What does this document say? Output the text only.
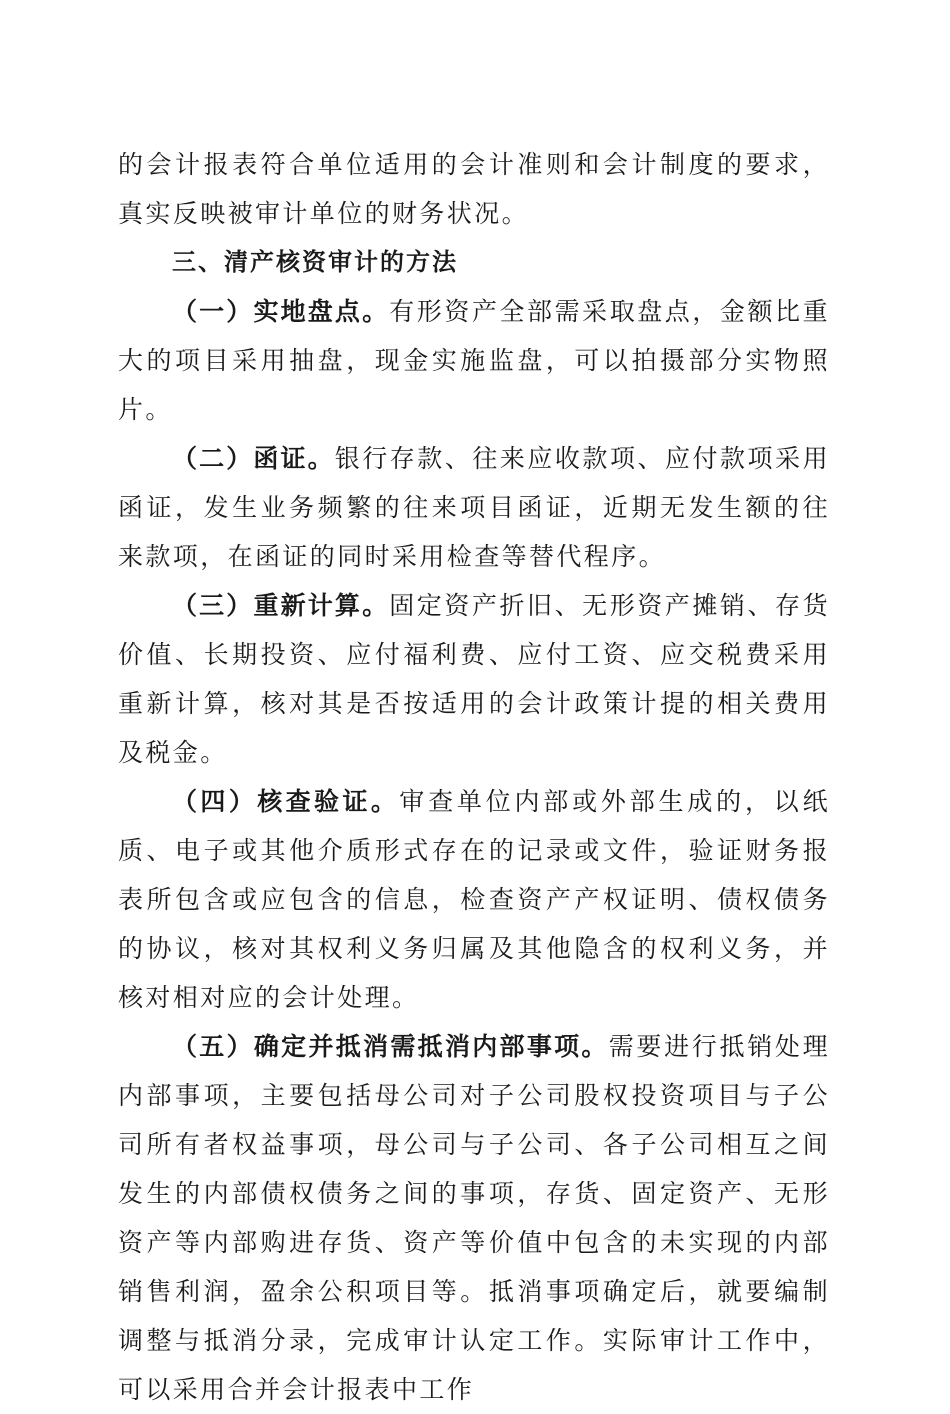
的会计报表符合单位适用的会计准则和会计制度的要求，真实反映被审计单位的财务状况。

三、清产核资审计的方法

（一）实地盘点。有形资产全部需采取盘点，金额比重大的项目采用抽盘，现金实施监盘，可以拍摄部分实物照片。

（二）函证。银行存款、往来应收款项、应付款项采用函证，发生业务频繁的往来项目函证，近期无发生额的往来款项，在函证的同时采用检查等替代程序。

（三）重新计算。固定资产折旧、无形资产摊销、存货价值、长期投资、应付福利费、应付工资、应交税费采用重新计算，核对其是否按适用的会计政策计提的相关费用及税金。

（四）核查验证。审查单位内部或外部生成的，以纸质、电子或其他介质形式存在的记录或文件，验证财务报表所包含或应包含的信息，检查资产产权证明、债权债务的协议，核对其权利义务归属及其他隐含的权利义务，并核对相对应的会计处理。

（五）确定并抵消需抵消内部事项。需要进行抵销处理内部事项，主要包括母公司对子公司股权投资项目与子公司所有者权益事项，母公司与子公司、各子公司相互之间发生的内部债权债务之间的事项，存货、固定资产、无形资产等内部购进存货、资产等价值中包含的未实现的内部销售利润，盈余公积项目等。抵消事项确定后，就要编制调整与抵消分录，完成审计认定工作。实际审计工作中，可以采用合并会计报表中工作
